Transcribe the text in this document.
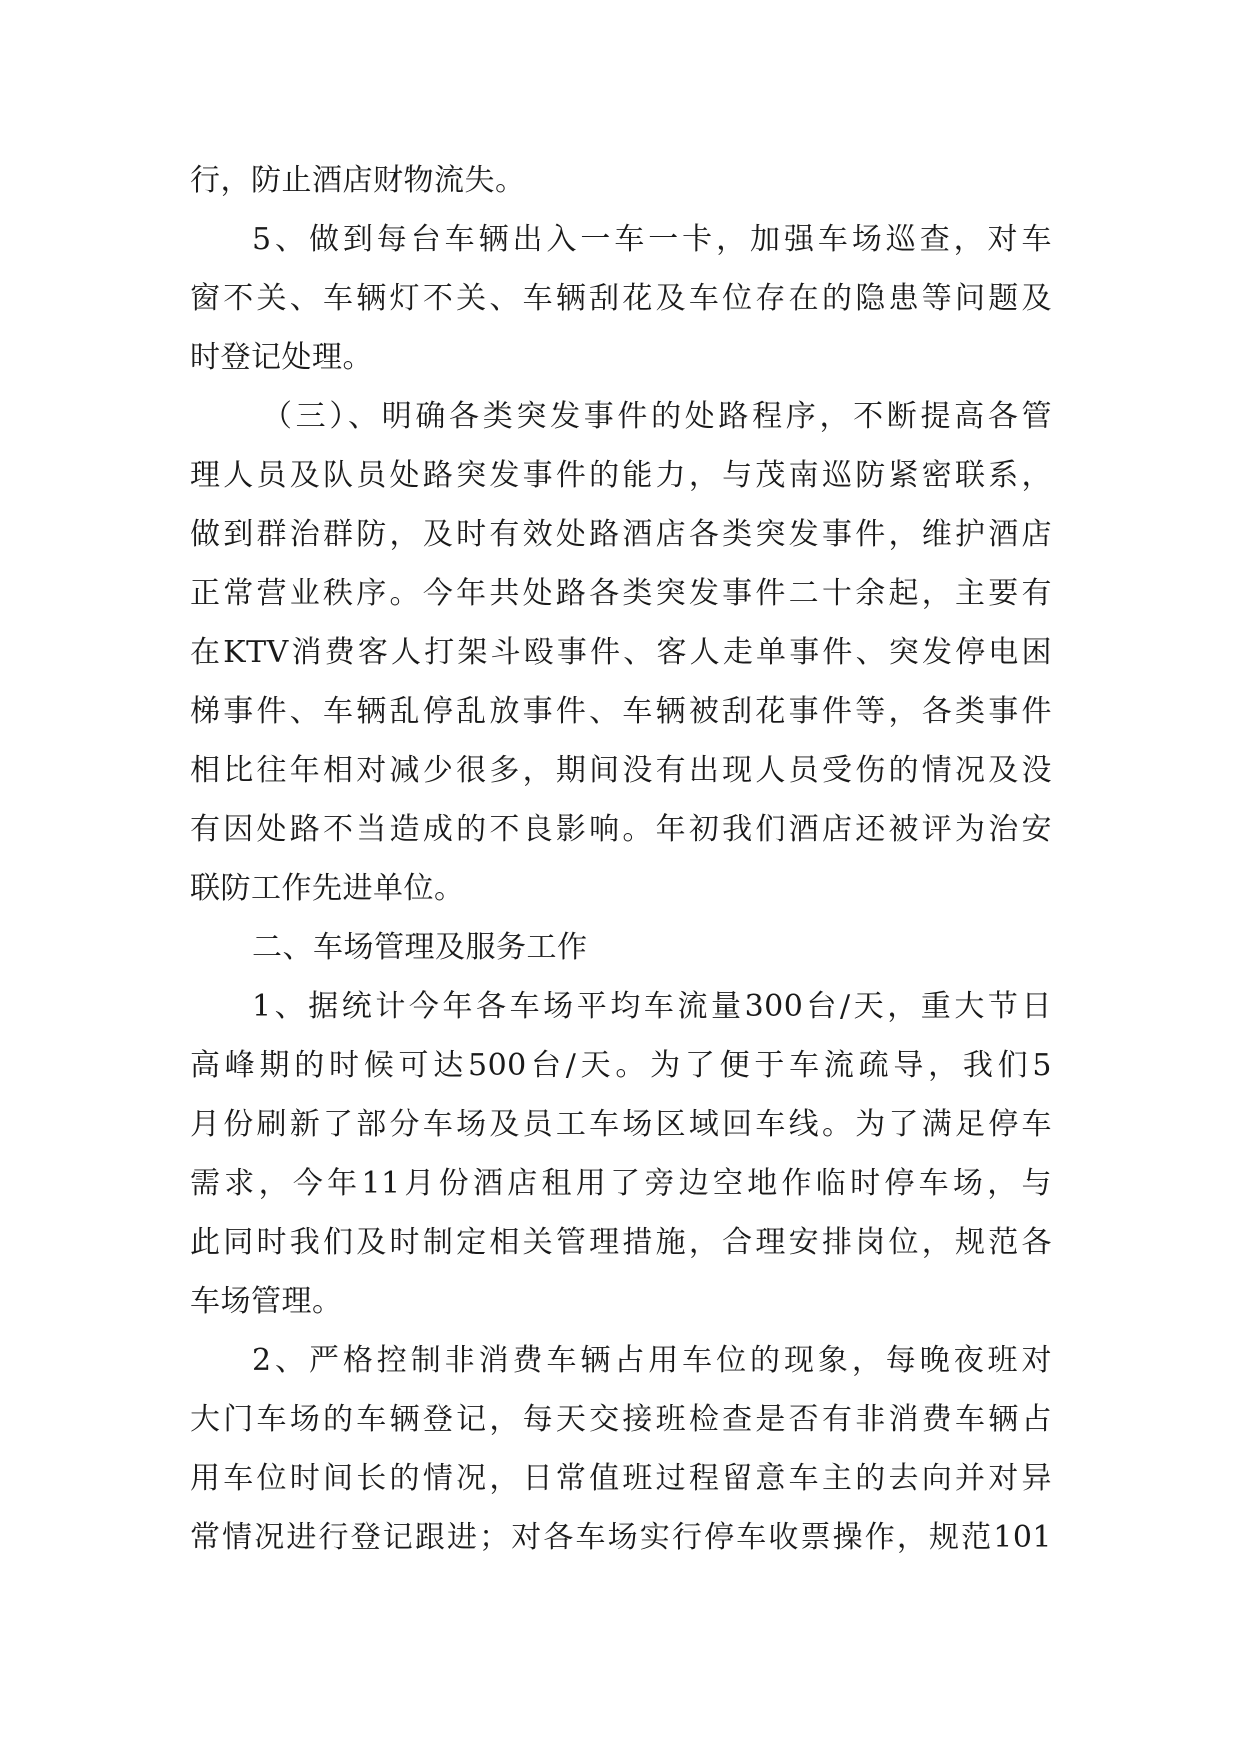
行，防止酒店财物流失。
5、做到每台车辆出入一车一卡，加强车场巡查，对车
窗不关、车辆灯不关、车辆刮花及车位存在的隐患等问题及
时登记处理。
（三）、明确各类突发事件的处路程序，不断提高各管
理人员及队员处路突发事件的能力，与茂南巡防紧密联系，
做到群治群防，及时有效处路酒店各类突发事件，维护酒店
正常营业秩序。今年共处路各类突发事件二十余起，主要有
在KTV消费客人打架斗殴事件、客人走单事件、突发停电困
梯事件、车辆乱停乱放事件、车辆被刮花事件等，各类事件
相比往年相对减少很多，期间没有出现人员受伤的情况及没
有因处路不当造成的不良影响。年初我们酒店还被评为治安
联防工作先进单位。
二、车场管理及服务工作
1、据统计今年各车场平均车流量300台/天，重大节日
高峰期的时候可达500台/天。为了便于车流疏导，我们5
月份刷新了部分车场及员工车场区域回车线。为了满足停车
需求，今年11月份酒店租用了旁边空地作临时停车场，与
此同时我们及时制定相关管理措施，合理安排岗位，规范各
车场管理。
2、严格控制非消费车辆占用车位的现象，每晚夜班对
大门车场的车辆登记，每天交接班检查是否有非消费车辆占
用车位时间长的情况，日常值班过程留意车主的去向并对异
常情况进行登记跟进；对各车场实行停车收票操作，规范101
